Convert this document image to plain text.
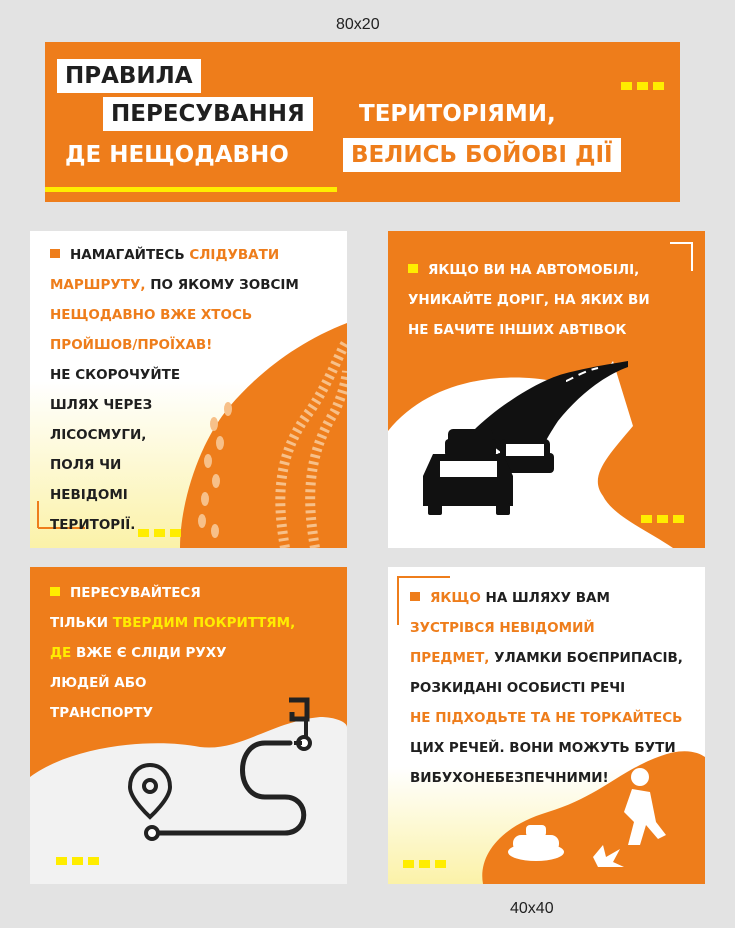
80x20
40x40
ПРАВИЛА
ПЕРЕСУВАННЯ	ТЕРИТОРІЯМИ,
ДЕ НЕЩОДАВНО	ВЕЛИСЬ БОЙОВІ ДІЇ
НАМАГАЙТЕСЬ СЛІДУВАТИ
МАРШРУТУ, ПО ЯКОМУ ЗОВСІМ
НЕЩОДАВНО ВЖЕ ХТОСЬ
ПРОЙШОВ/ПРОЇХАВ!
НЕ СКОРОЧУЙТЕ
ШЛЯХ ЧЕРЕЗ
ЛІСОСМУГИ,
ПОЛЯ ЧИ
НЕВІДОМІ
ТЕРИТОРІЇ.
ЯКЩО ВИ НА АВТОМОБІЛІ,
УНИКАЙТЕ ДОРІГ, НА ЯКИХ ВИ
НЕ БАЧИТЕ ІНШИХ АВТІВОК
ПЕРЕСУВАЙТЕСЯ
ТІЛЬКИ ТВЕРДИМ ПОКРИТТЯМ,
ДЕ ВЖЕ Є СЛІДИ РУХУ
ЛЮДЕЙ АБО
ТРАНСПОРТУ
ЯКЩО НА ШЛЯХУ ВАМ
ЗУСТРІВСЯ НЕВІДОМИЙ
ПРЕДМЕТ, УЛАМКИ БОЄПРИПАСІВ,
РОЗКИДАНІ ОСОБИСТІ РЕЧІ
НЕ ПІДХОДЬТЕ ТА НЕ ТОРКАЙТЕСЬ
ЦИХ РЕЧЕЙ. ВОНИ МОЖУТЬ БУТИ
ВИБУХОНЕБЕЗПЕЧНИМИ!
